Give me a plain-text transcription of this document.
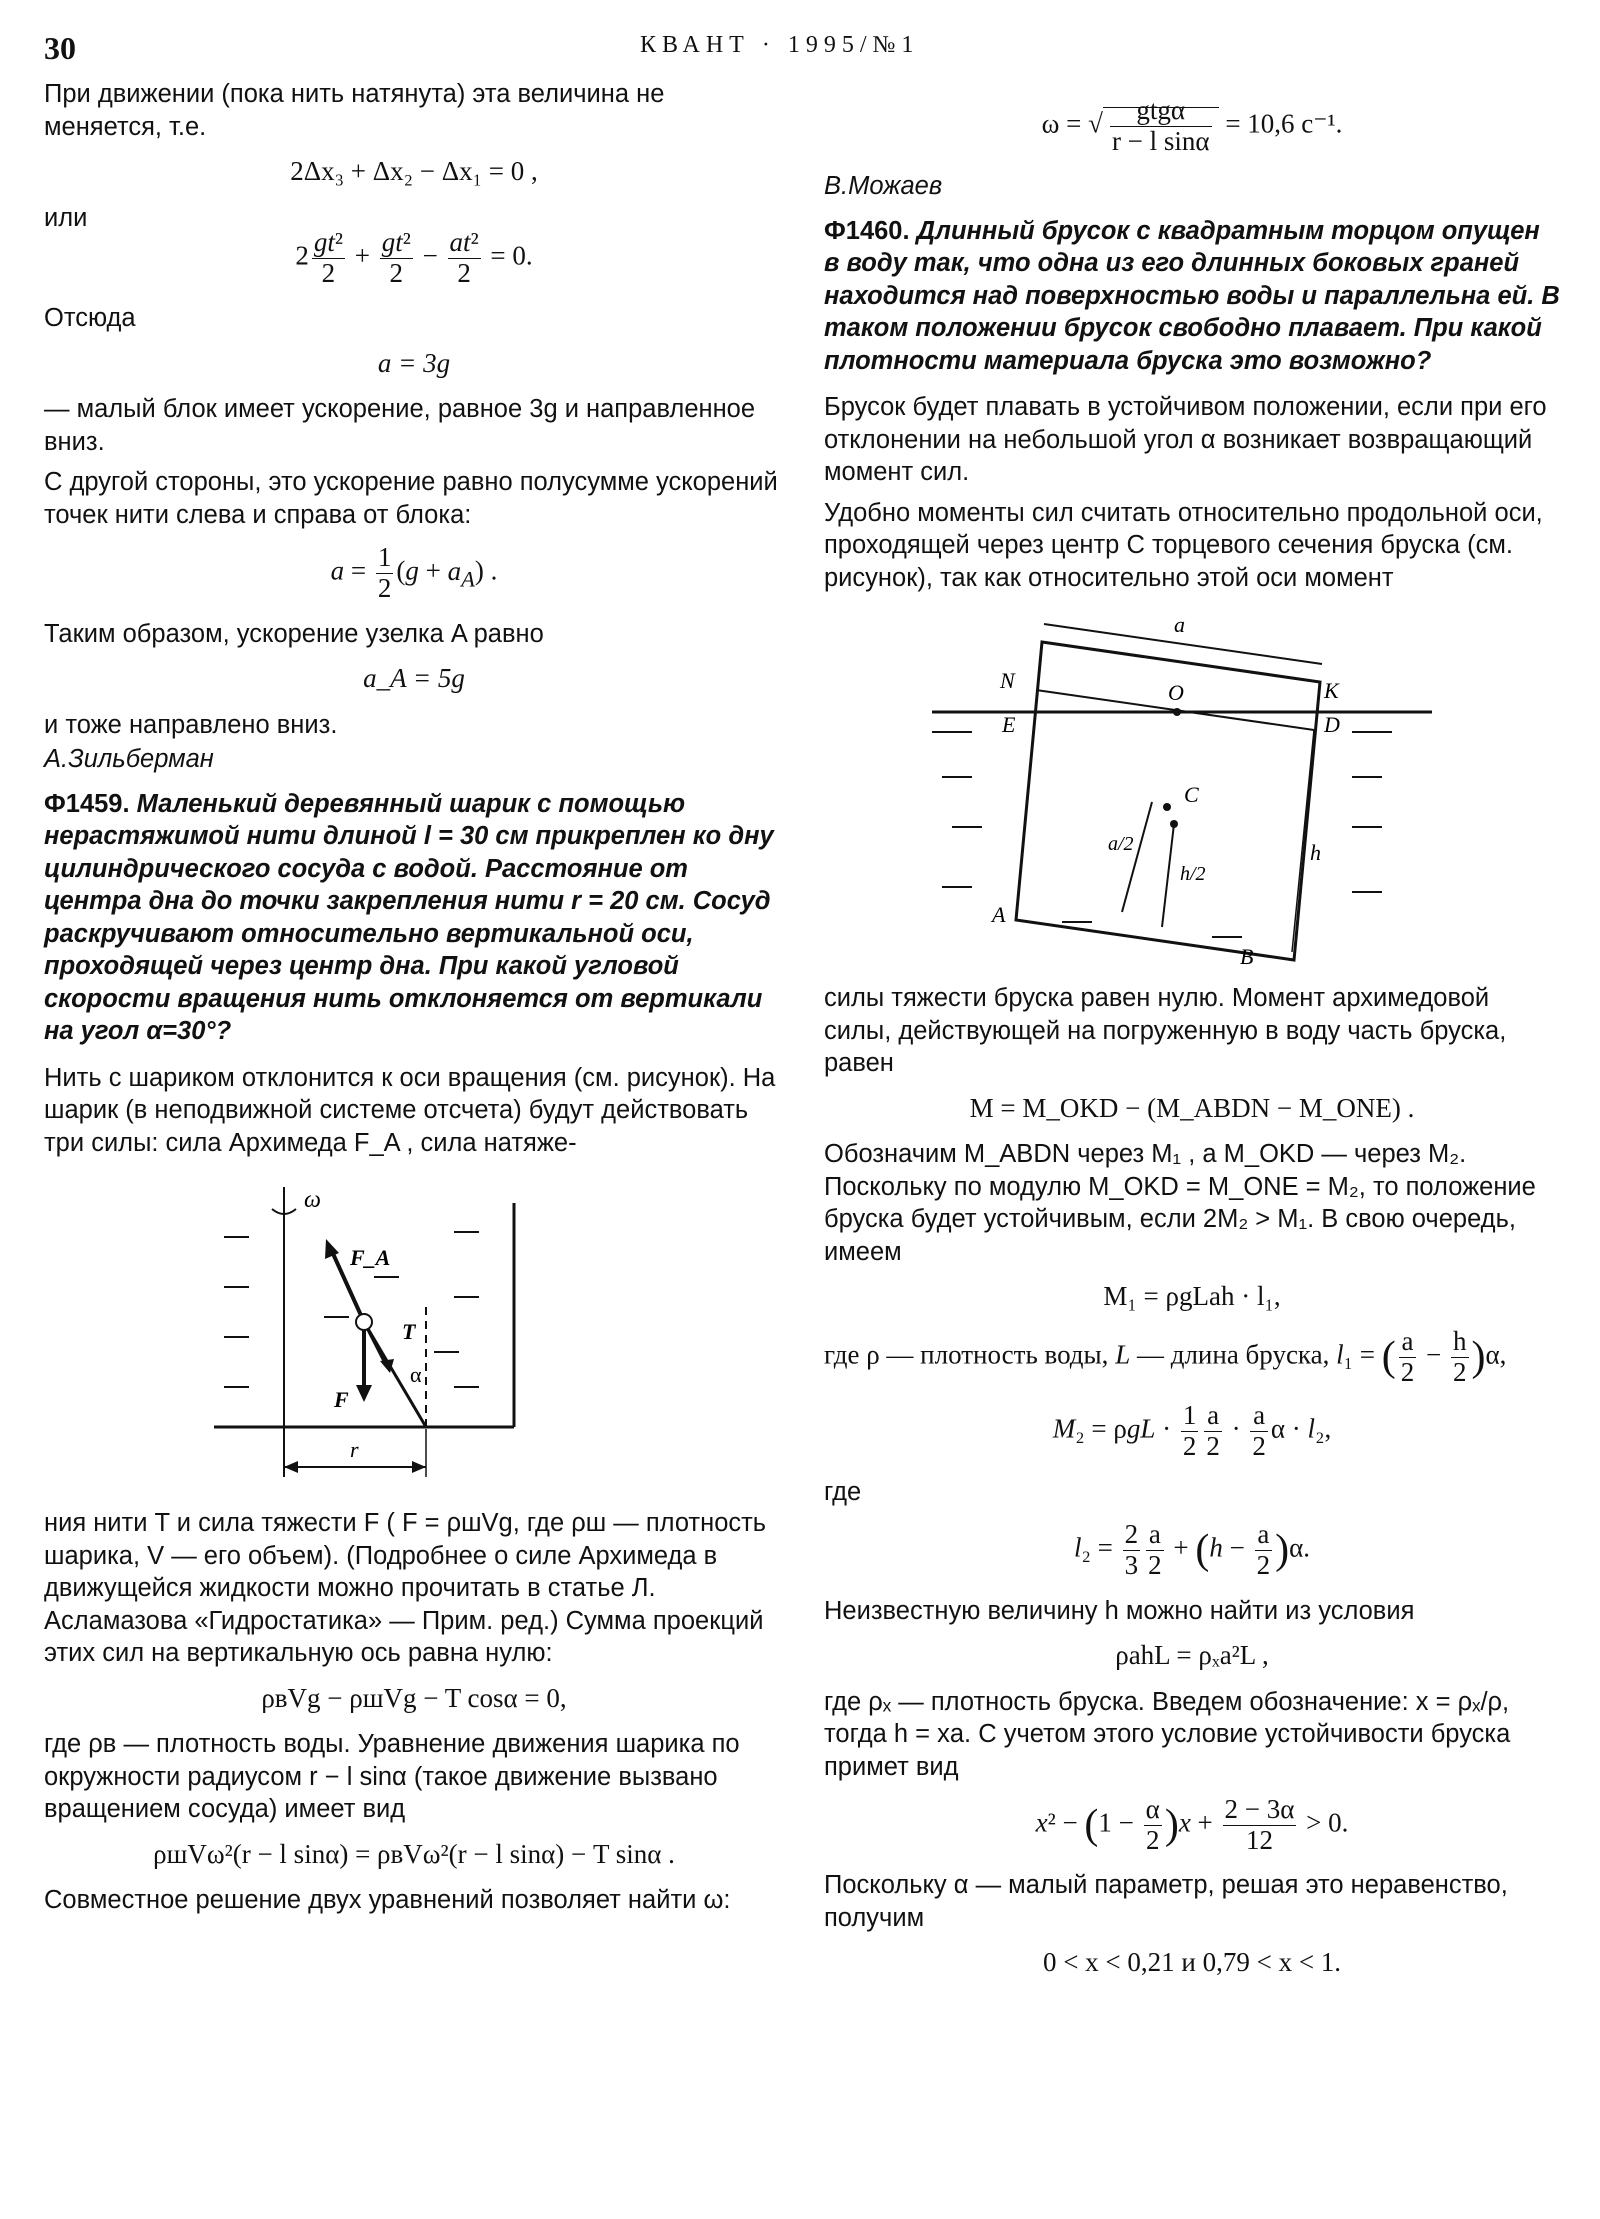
30	КВАНТ · 1995/№1

При движении (пока нить натянута) эта величина не меняется, т.е.

2Δx₃ + Δx₂ − Δx₁ = 0 ,

или

$2 \frac{\text{gt²}}{2} + \frac{\text{gt²}}{2} - \frac{\text{at²}}{2} = 0$.

Отсюда

a = 3g

— малый блок имеет ускорение, равное 3g и направленное вниз.

С другой стороны, это ускорение равно полусумме ускорений точек нити слева и справа от блока:

$a = \frac{1}{2} (g + a_A)$ .

Таким образом, ускорение узелка A равно

a_A = 5g

и тоже направлено вниз.

А.Зильберман

Ф1459. Маленький деревянный шарик с помощью нерастяжимой нити длиной l = 30 см прикреплен ко дну цилиндрического сосуда с водой. Расстояние от центра дна до точки закрепления нити r = 20 см. Сосуд раскручивают относительно вертикальной оси, проходящей через центр дна. При какой угловой скорости вращения нить отклоняется от вертикали на угол α=30°?

Нить с шариком отклонится к оси вращения (см. рисунок). На шарик (в неподвижной системе отсчета) будут действовать три силы: сила Архимеда F_A , сила натяже-

ω
F_A
T
α
F
r

ния нити T и сила тяжести F ( F = ρшVg, где ρш — плотность шарика, V — его объем). (Подробнее о силе Архимеда в движущейся жидкости можно прочитать в статье Л. Асламазова «Гидростатика» — Прим. ред.) Сумма проекций этих сил на вертикальную ось равна нулю:

ρвVg − ρшVg − T cosα = 0,

где ρв — плотность воды. Уравнение движения шарика по окружности радиусом r − l sinα (такое движение вызвано вращением сосуда) имеет вид

ρшVω²(r − l sinα) = ρвVω²(r − l sinα) − T sinα .

Совместное решение двух уравнений позволяет найти ω:

ω = √ $\frac{\text{gtgα}}{\text{r − l sinα}} = 10,6$ с⁻¹.

В.Можаев

Ф1460. Длинный брусок с квадратным торцом опущен в воду так, что одна из его длинных боковых граней находится над поверхностью воды и параллельна ей. В таком положении брусок свободно плавает. При какой плотности материала бруска это возможно?

Брусок будет плавать в устойчивом положении, если при его отклонении на небольшой угол α возникает возвращающий момент сил.

Удобно моменты сил считать относительно продольной оси, проходящей через центр C торцевого сечения бруска (см. рисунок), так как относительно этой оси момент

a
N	O	K
E	D
C
a/2
h/2
h
A
B

силы тяжести бруска равен нулю. Момент архимедовой силы, действующей на погруженную в воду часть бруска, равен

M = M_OKD − (M_ABDN − M_ONE) .

Обозначим M_ABDN через M₁ , а M_OKD — через M₂. Поскольку по модулю M_OKD = M_ONE = M₂, то положение бруска будет устойчивым, если 2M₂ > M₁. В свою очередь, имеем

M₁ = ρgLah · l₁,
где ρ — плотность воды, L — длина бруска, l₁ = ( $\frac{a}{2} - \frac{h}{2} )\alpha$,
$M_2 = \rho gL \cdot \frac{1}{2} \frac{a}{2} \cdot \frac{a}{2}$ α · l₂,

где

$l_2 = \frac{2}{3} \frac{a}{2} + (h - \frac{a}{2} )\alpha$.

Неизвестную величину h можно найти из условия

ρahL = ρₓa²L ,

где ρₓ — плотность бруска. Введем обозначение: x = ρₓ/ρ, тогда h = xa. С учетом этого условие устойчивости бруска примет вид

$x^2 - (1 - \frac{\alpha}{2} )x + \frac{2 - 3\alpha}{12} > 0$.

Поскольку α — малый параметр, решая это неравенство, получим

0 < x < 0,21 и 0,79 < x < 1.
